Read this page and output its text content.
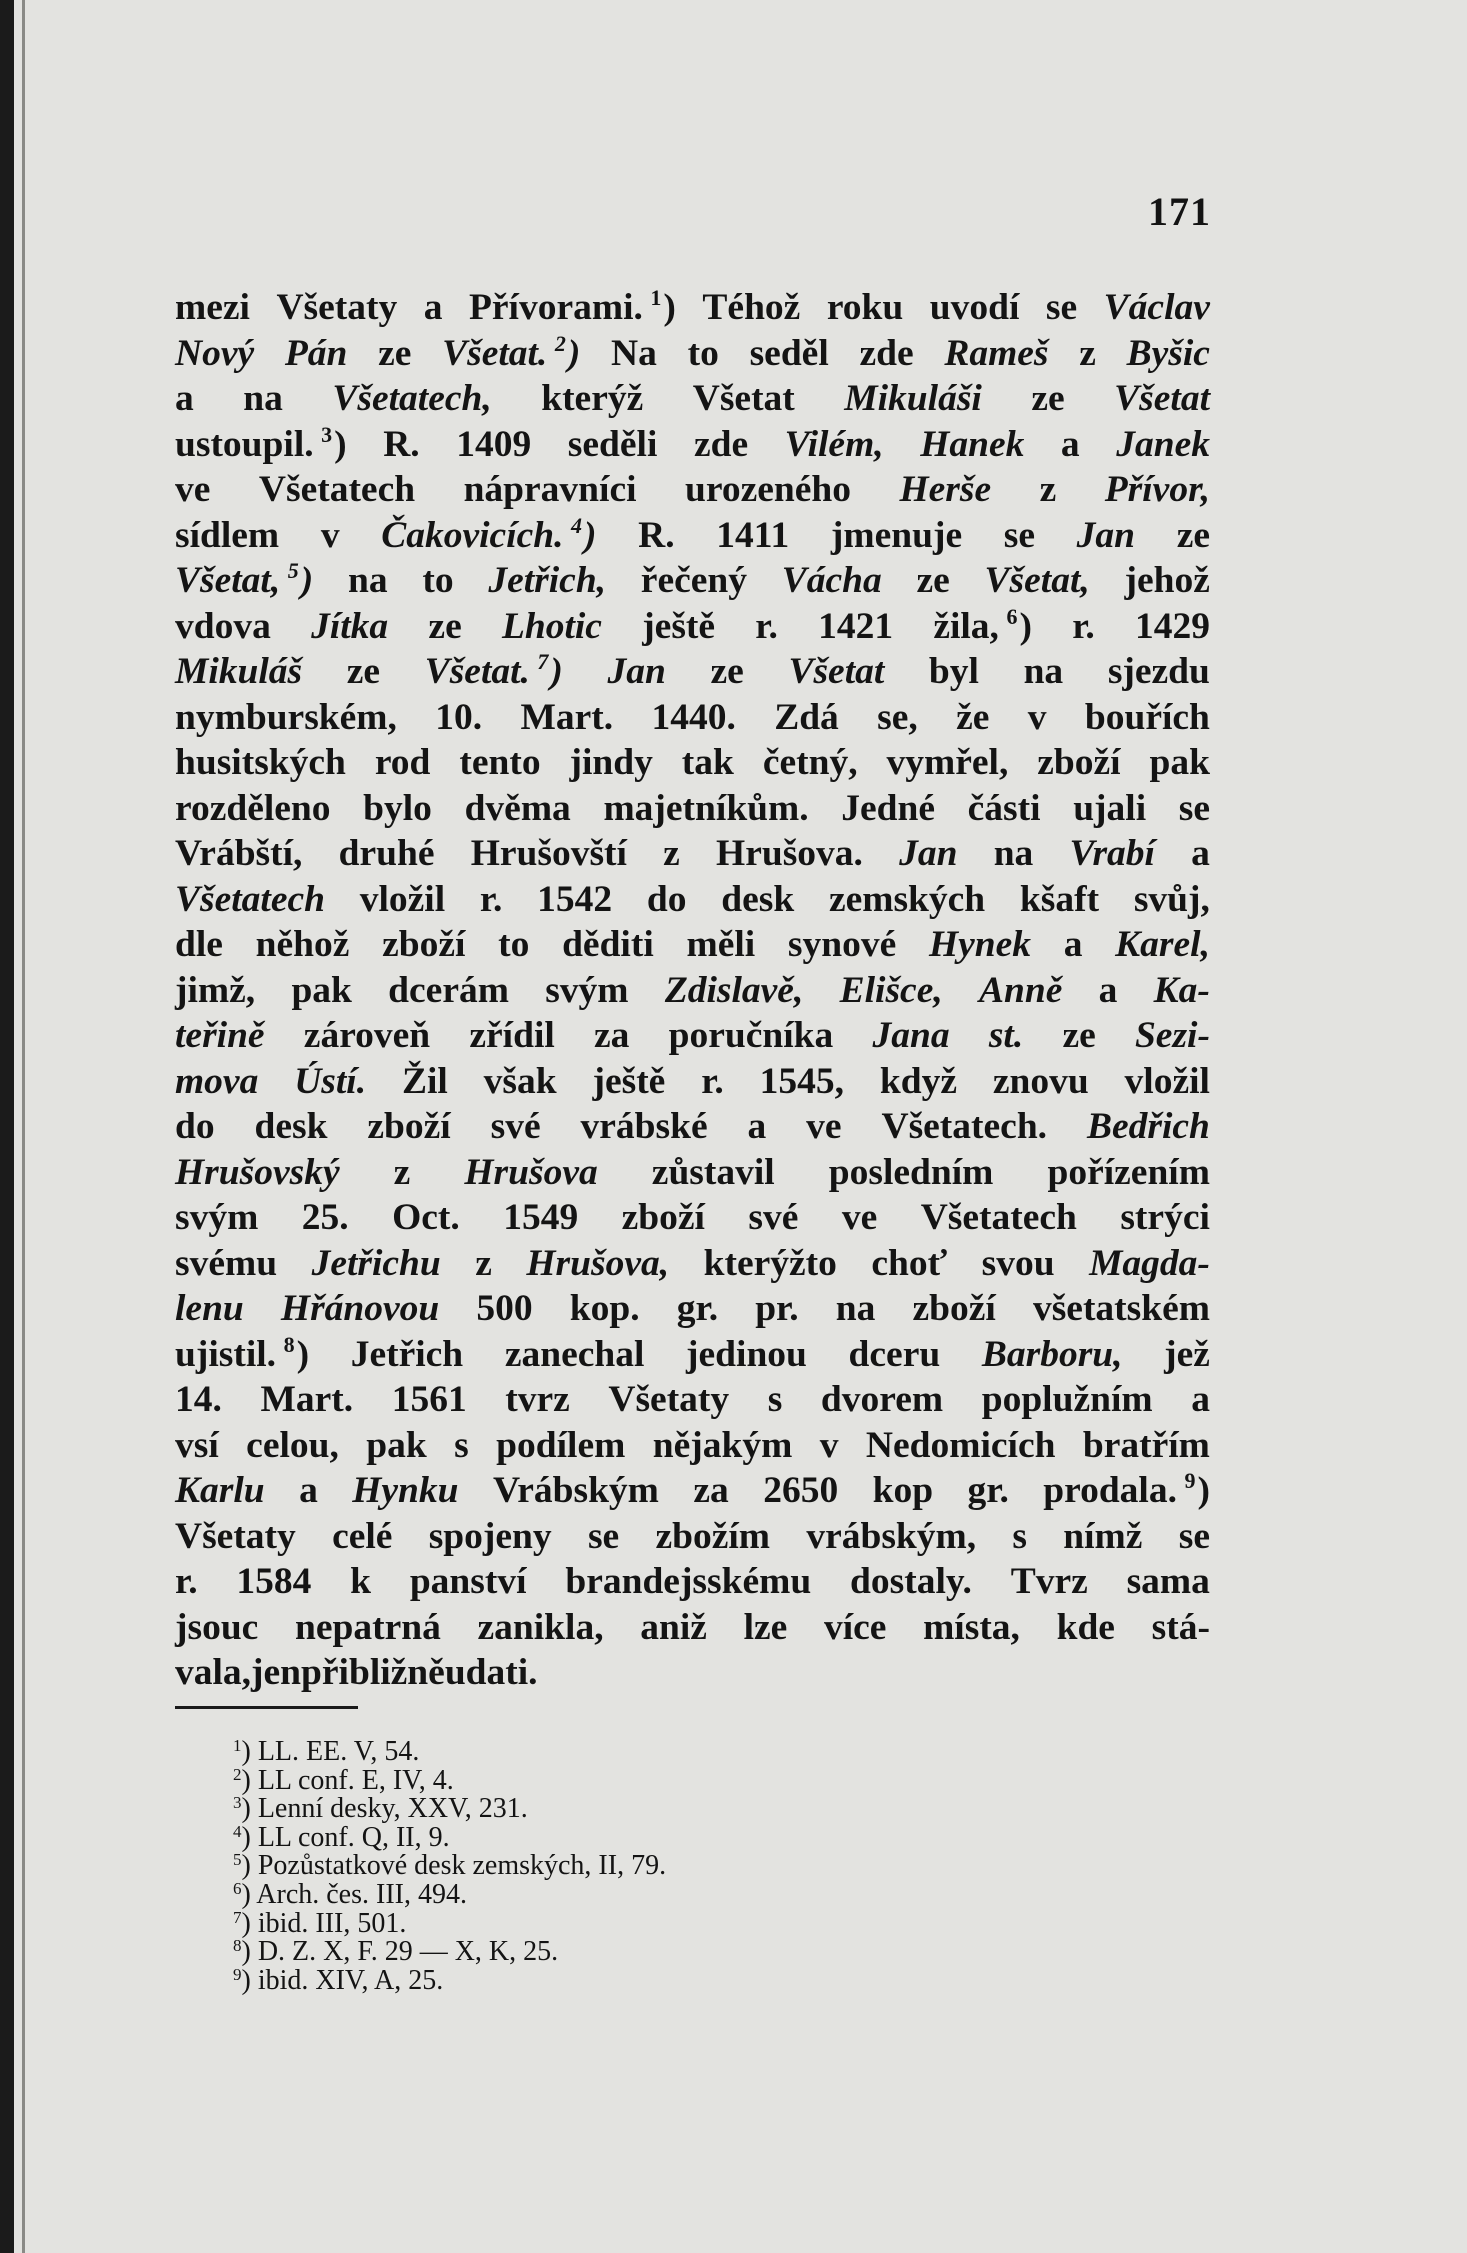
171
mezi Všetaty a Přívorami.  $^1$) Téhož roku uvodí se Václav
Nový Pán ze Všetat.  $^2$) Na to seděl zde Rameš z Byšic
a na Všetatech, kterýž Všetat Mikuláši ze Všetat
ustoupil.  $^3$) R. 1409 seděli zde Vilém, Hanek a Janek
ve Všetatech nápravníci urozeného Herše z Přívor,
sídlem v Čakovicích.  $^4$) R. 1411 jmenuje se Jan ze
Všetat,  $^5$) na to Jetřich, řečený Vácha ze Všetat, jehož
vdova Jítka ze Lhotic ještě r. 1421 žila,  $^6$) r. 1429
Mikuláš ze Všetat.  $^7$) Jan ze Všetat byl na sjezdu
nymburském, 10. Mart. 1440. Zdá se, že v bouřích
husitských rod tento jindy tak četný, vymřel, zboží pak
rozděleno bylo dvěma majetníkům. Jedné části ujali se
Vrábští, druhé Hrušovští z Hrušova. Jan na Vrabí a
Všetatech vložil r. 1542 do desk zemských kšaft svůj,
dle něhož zboží to děditi měli synové Hynek a Karel,
jimž, pak dcerám svým Zdislavě, Elišce, Anně a Ka-
teřině zároveň zřídil za poručníka Jana st. ze Sezi-
mova Ústí. Žil však ještě r. 1545, když znovu vložil
do desk zboží své vrábské a ve Všetatech. Bedřich
Hrušovský z Hrušova zůstavil posledním pořízením
svým 25. Oct. 1549 zboží své ve Všetatech strýci
svému Jetřichu z Hrušova, kterýžto choť svou Magda-
lenu Hřánovou 500 kop. gr. pr. na zboží všetatském
ujistil.  $^8$) Jetřich zanechal jedinou dceru Barboru, jež
14. Mart. 1561 tvrz Všetaty s dvorem poplužním a
vsí celou, pak s podílem nějakým v Nedomicích bratřím
Karlu a Hynku Vrábským za 2650 kop gr. prodala.  $^9$)
Všetaty celé spojeny se zbožím vrábským, s nímž se
r. 1584 k panství brandejsskému dostaly. Tvrz sama
jsouc nepatrná zanikla, aniž lze více místa, kde stá-
vala, jen přibližně udati.
$^1$) LL. EE. V, 54.
$^2$) LL conf. E, IV, 4.
$^3$) Lenní desky, XXV, 231.
$^4$) LL conf. Q, II, 9.
$^5$) Pozůstatkové desk zemských, II, 79.
$^6$) Arch. čes. III, 494.
$^7$) ibid. III, 501.
$^8$) D. Z. X, F. 29 — X, K, 25.
$^9$) ibid. XIV, A, 25.
